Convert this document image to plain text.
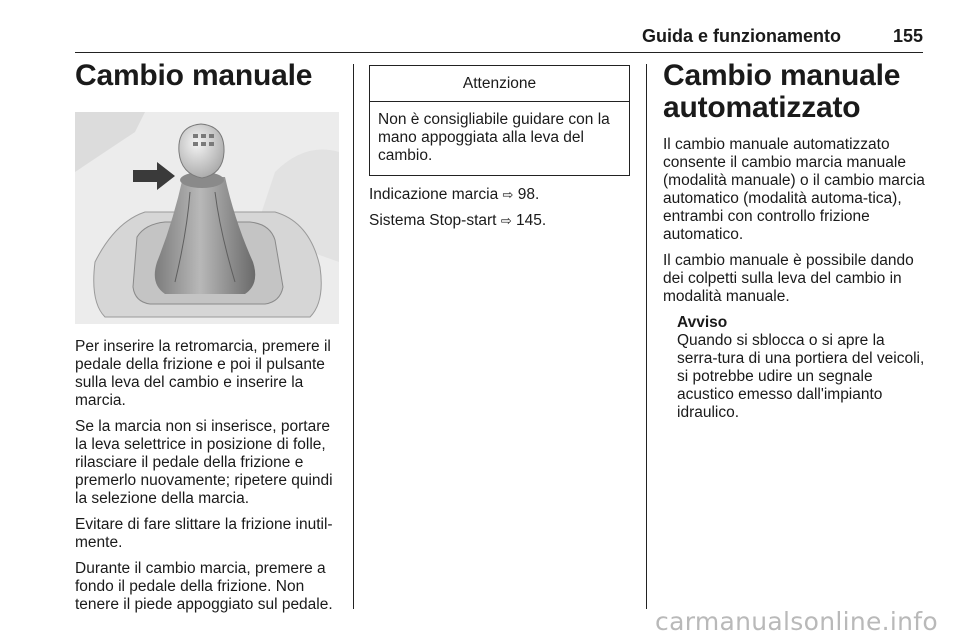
Guida e funzionamento	155
Cambio manuale

Per inserire la retromarcia, premere il pedale della frizione e poi il pulsante sulla leva del cambio e inserire la marcia.

Se la marcia non si inserisce, portare la leva selettrice in posizione di folle, rilasciare il pedale della frizione e premerlo nuovamente; ripetere quindi la selezione della marcia.

Evitare di fare slittare la frizione inutil-mente.

Durante il cambio marcia, premere a fondo il pedale della frizione. Non tenere il piede appoggiato sul pedale.

Attenzione
Non è consigliabile guidare con la mano appoggiata alla leva del cambio.

Indicazione marcia ⇨ 98.

Sistema Stop-start ⇨ 145.

Cambio manuale automatizzato

Il cambio manuale automatizzato consente il cambio marcia manuale (modalità manuale) o il cambio marcia automatico (modalità automa-tica), entrambi con controllo frizione automatico.

Il cambio manuale è possibile dando dei colpetti sulla leva del cambio in modalità manuale.

Avviso

Quando si sblocca o si apre la serra-tura di una portiera del veicoli, si potrebbe udire un segnale acustico emesso dall'impianto idraulico.

carmanualsonline.info
